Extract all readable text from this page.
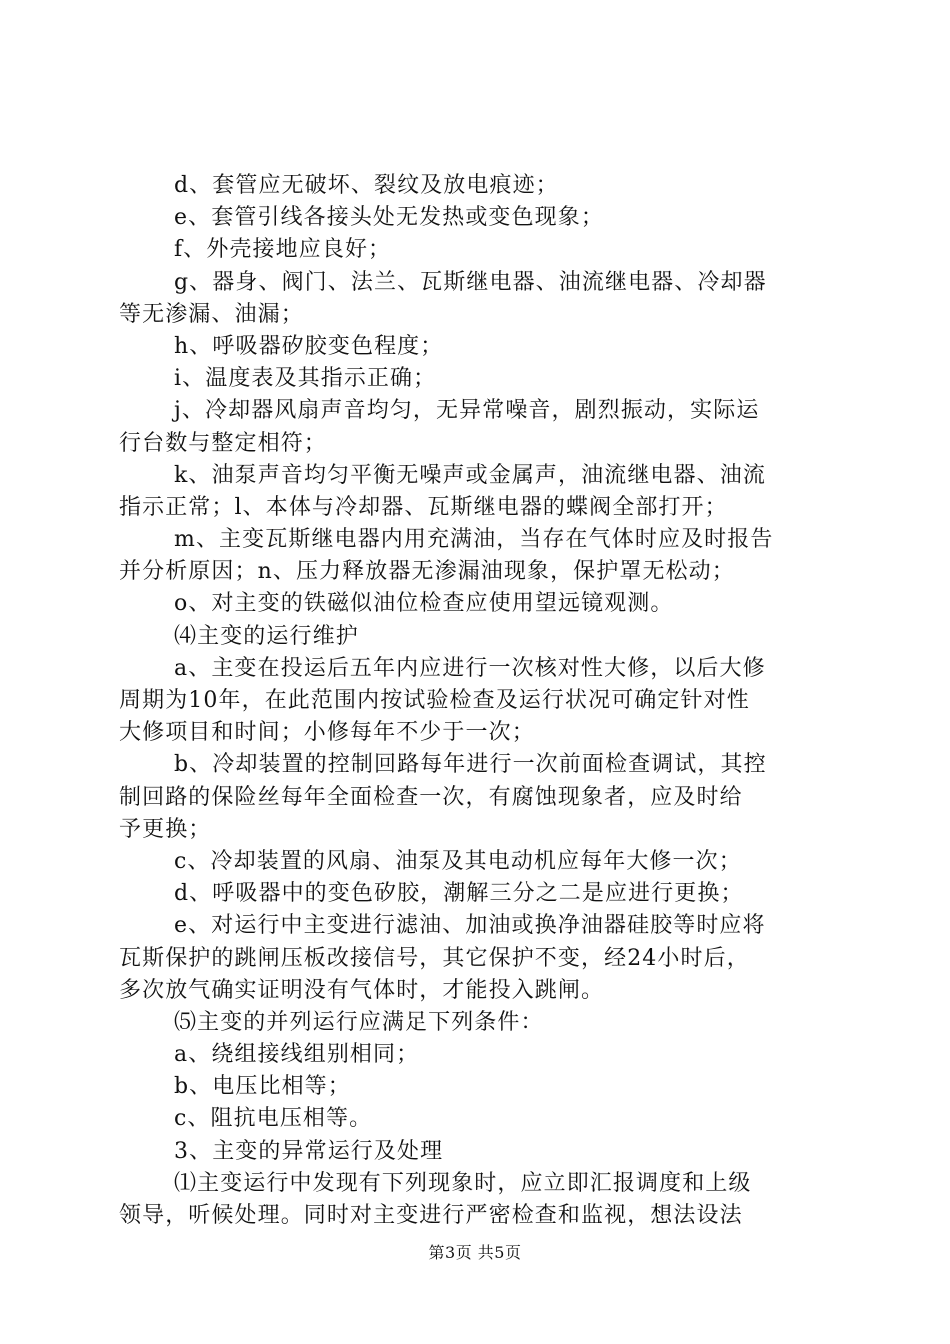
d、套管应无破坏、裂纹及放电痕迹；
e、套管引线各接头处无发热或变色现象；
f、外壳接地应良好；
g、器身、阀门、法兰、瓦斯继电器、油流继电器、冷却器
等无渗漏、油漏；
h、呼吸器矽胶变色程度；
i、温度表及其指示正确；
j、冷却器风扇声音均匀，无异常噪音，剧烈振动，实际运
行台数与整定相符；
k、油泵声音均匀平衡无噪声或金属声，油流继电器、油流
指示正常；l、本体与冷却器、瓦斯继电器的蝶阀全部打开；
m、主变瓦斯继电器内用充满油，当存在气体时应及时报告
并分析原因；n、压力释放器无渗漏油现象，保护罩无松动；
o、对主变的铁磁似油位检查应使用望远镜观测。
⑷主变的运行维护
a、主变在投运后五年内应进行一次核对性大修，以后大修
周期为10年，在此范围内按试验检查及运行状况可确定针对性
大修项目和时间；小修每年不少于一次；
b、冷却装置的控制回路每年进行一次前面检查调试，其控
制回路的保险丝每年全面检查一次，有腐蚀现象者，应及时给
予更换；
c、冷却装置的风扇、油泵及其电动机应每年大修一次；
d、呼吸器中的变色矽胶，潮解三分之二是应进行更换；
e、对运行中主变进行滤油、加油或换净油器硅胶等时应将
瓦斯保护的跳闸压板改接信号，其它保护不变，经24小时后，
多次放气确实证明没有气体时，才能投入跳闸。
⑸主变的并列运行应满足下列条件：
a、绕组接线组别相同；
b、电压比相等；
c、阻抗电压相等。
3、主变的异常运行及处理
⑴主变运行中发现有下列现象时，应立即汇报调度和上级
领导，听候处理。同时对主变进行严密检查和监视，想法设法
第3页 共5页
